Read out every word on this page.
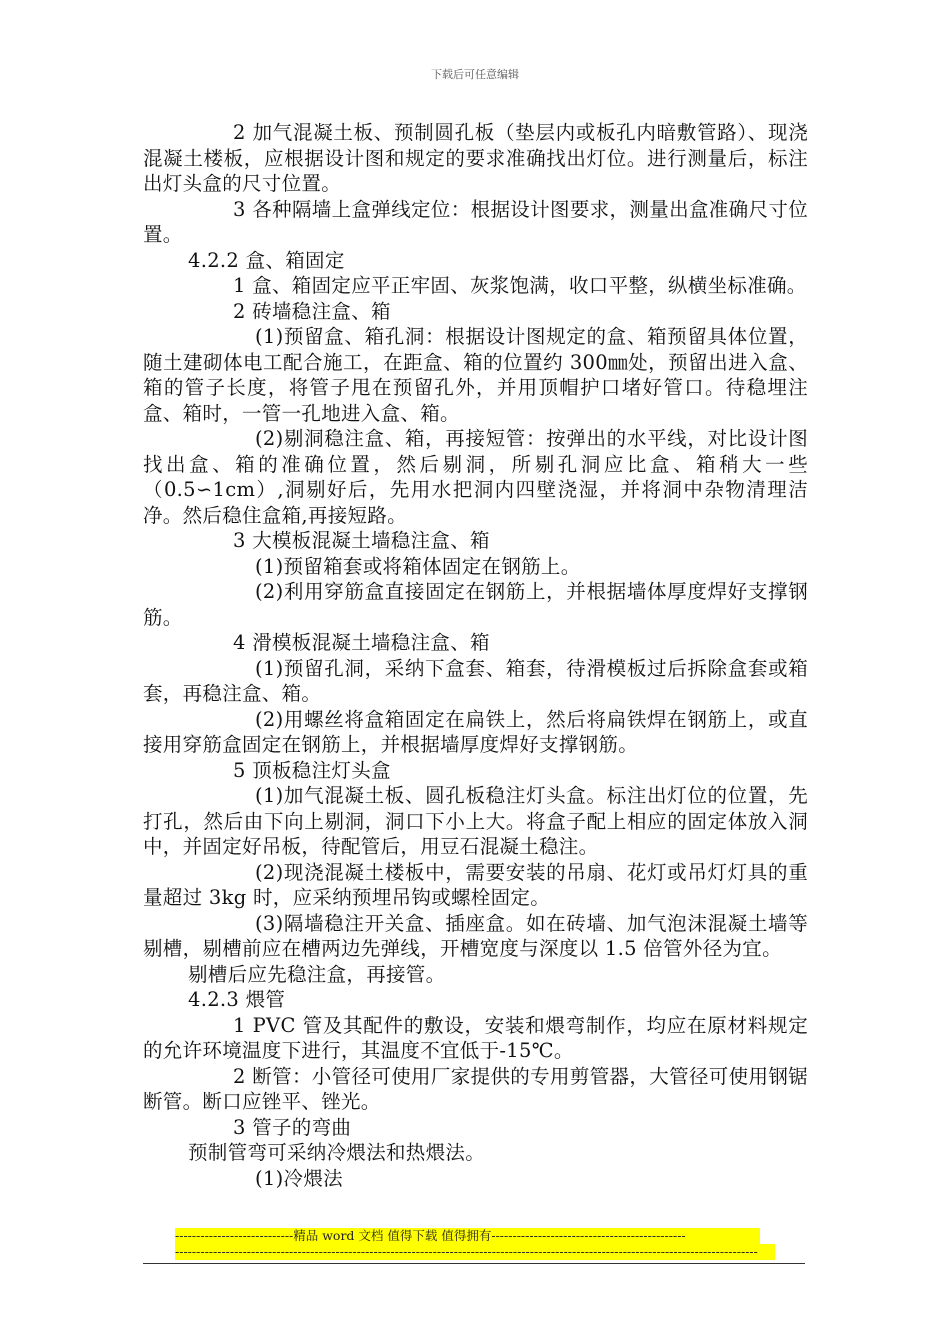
下载后可任意编辑

2 加气混凝土板、预制圆孔板（垫层内或板孔内暗敷管路）、现浇混凝土楼板，应根据设计图和规定的要求准确找出灯位。进行测量后，标注出灯头盒的尺寸位置。

3 各种隔墙上盒弹线定位：根据设计图要求，测量出盒准确尺寸位置。

4.2.2 盒、箱固定

1 盒、箱固定应平正牢固、灰浆饱满，收口平整，纵横坐标准确。

2 砖墙稳注盒、箱

(1)预留盒、箱孔洞：根据设计图规定的盒、箱预留具体位置，随土建砌体电工配合施工，在距盒、箱的位置约 300㎜处，预留出进入盒、箱的管子长度，将管子甩在预留孔外，并用顶帽护口堵好管口。待稳埋注盒、箱时，一管一孔地进入盒、箱。

(2)剔洞稳注盒、箱，再接短管：按弹出的水平线，对比设计图找出盒、箱的准确位置，然后剔洞，所剔孔洞应比盒、箱稍大一些（0.5∽1cm）,洞剔好后，先用水把洞内四壁浇湿，并将洞中杂物清理洁净。然后稳住盒箱,再接短路。

3 大模板混凝土墙稳注盒、箱

(1)预留箱套或将箱体固定在钢筋上。

(2)利用穿筋盒直接固定在钢筋上，并根据墙体厚度焊好支撑钢筋。

4 滑模板混凝土墙稳注盒、箱

(1)预留孔洞，采纳下盒套、箱套，待滑模板过后拆除盒套或箱套，再稳注盒、箱。

(2)用螺丝将盒箱固定在扁铁上，然后将扁铁焊在钢筋上，或直接用穿筋盒固定在钢筋上，并根据墙厚度焊好支撑钢筋。

5 顶板稳注灯头盒

(1)加气混凝土板、圆孔板稳注灯头盒。标注出灯位的位置，先打孔，然后由下向上剔洞，洞口下小上大。将盒子配上相应的固定体放入洞中，并固定好吊板，待配管后，用豆石混凝土稳注。

(2)现浇混凝土楼板中，需要安装的吊扇、花灯或吊灯灯具的重量超过 3kg 时，应采纳预埋吊钩或螺栓固定。

(3)隔墙稳注开关盒、插座盒。如在砖墙、加气泡沫混凝土墙等剔槽，剔槽前应在槽两边先弹线，开槽宽度与深度以 1.5 倍管外径为宜。

剔槽后应先稳注盒，再接管。

4.2.3 煨管

1 PVC 管及其配件的敷设，安装和煨弯制作，均应在原材料规定的允许环境温度下进行，其温度不宜低于-15℃。

2 断管：小管径可使用厂家提供的专用剪管器，大管径可使用钢锯断管。断口应锉平、锉光。

3 管子的弯曲

预制管弯可采纳冷煨法和热煨法。

(1)冷煨法

----------------------------精品 word 文档 值得下载 值得拥有----------------------------------------------
------------------------------------------------------------------------------------------------------------------------------------------
